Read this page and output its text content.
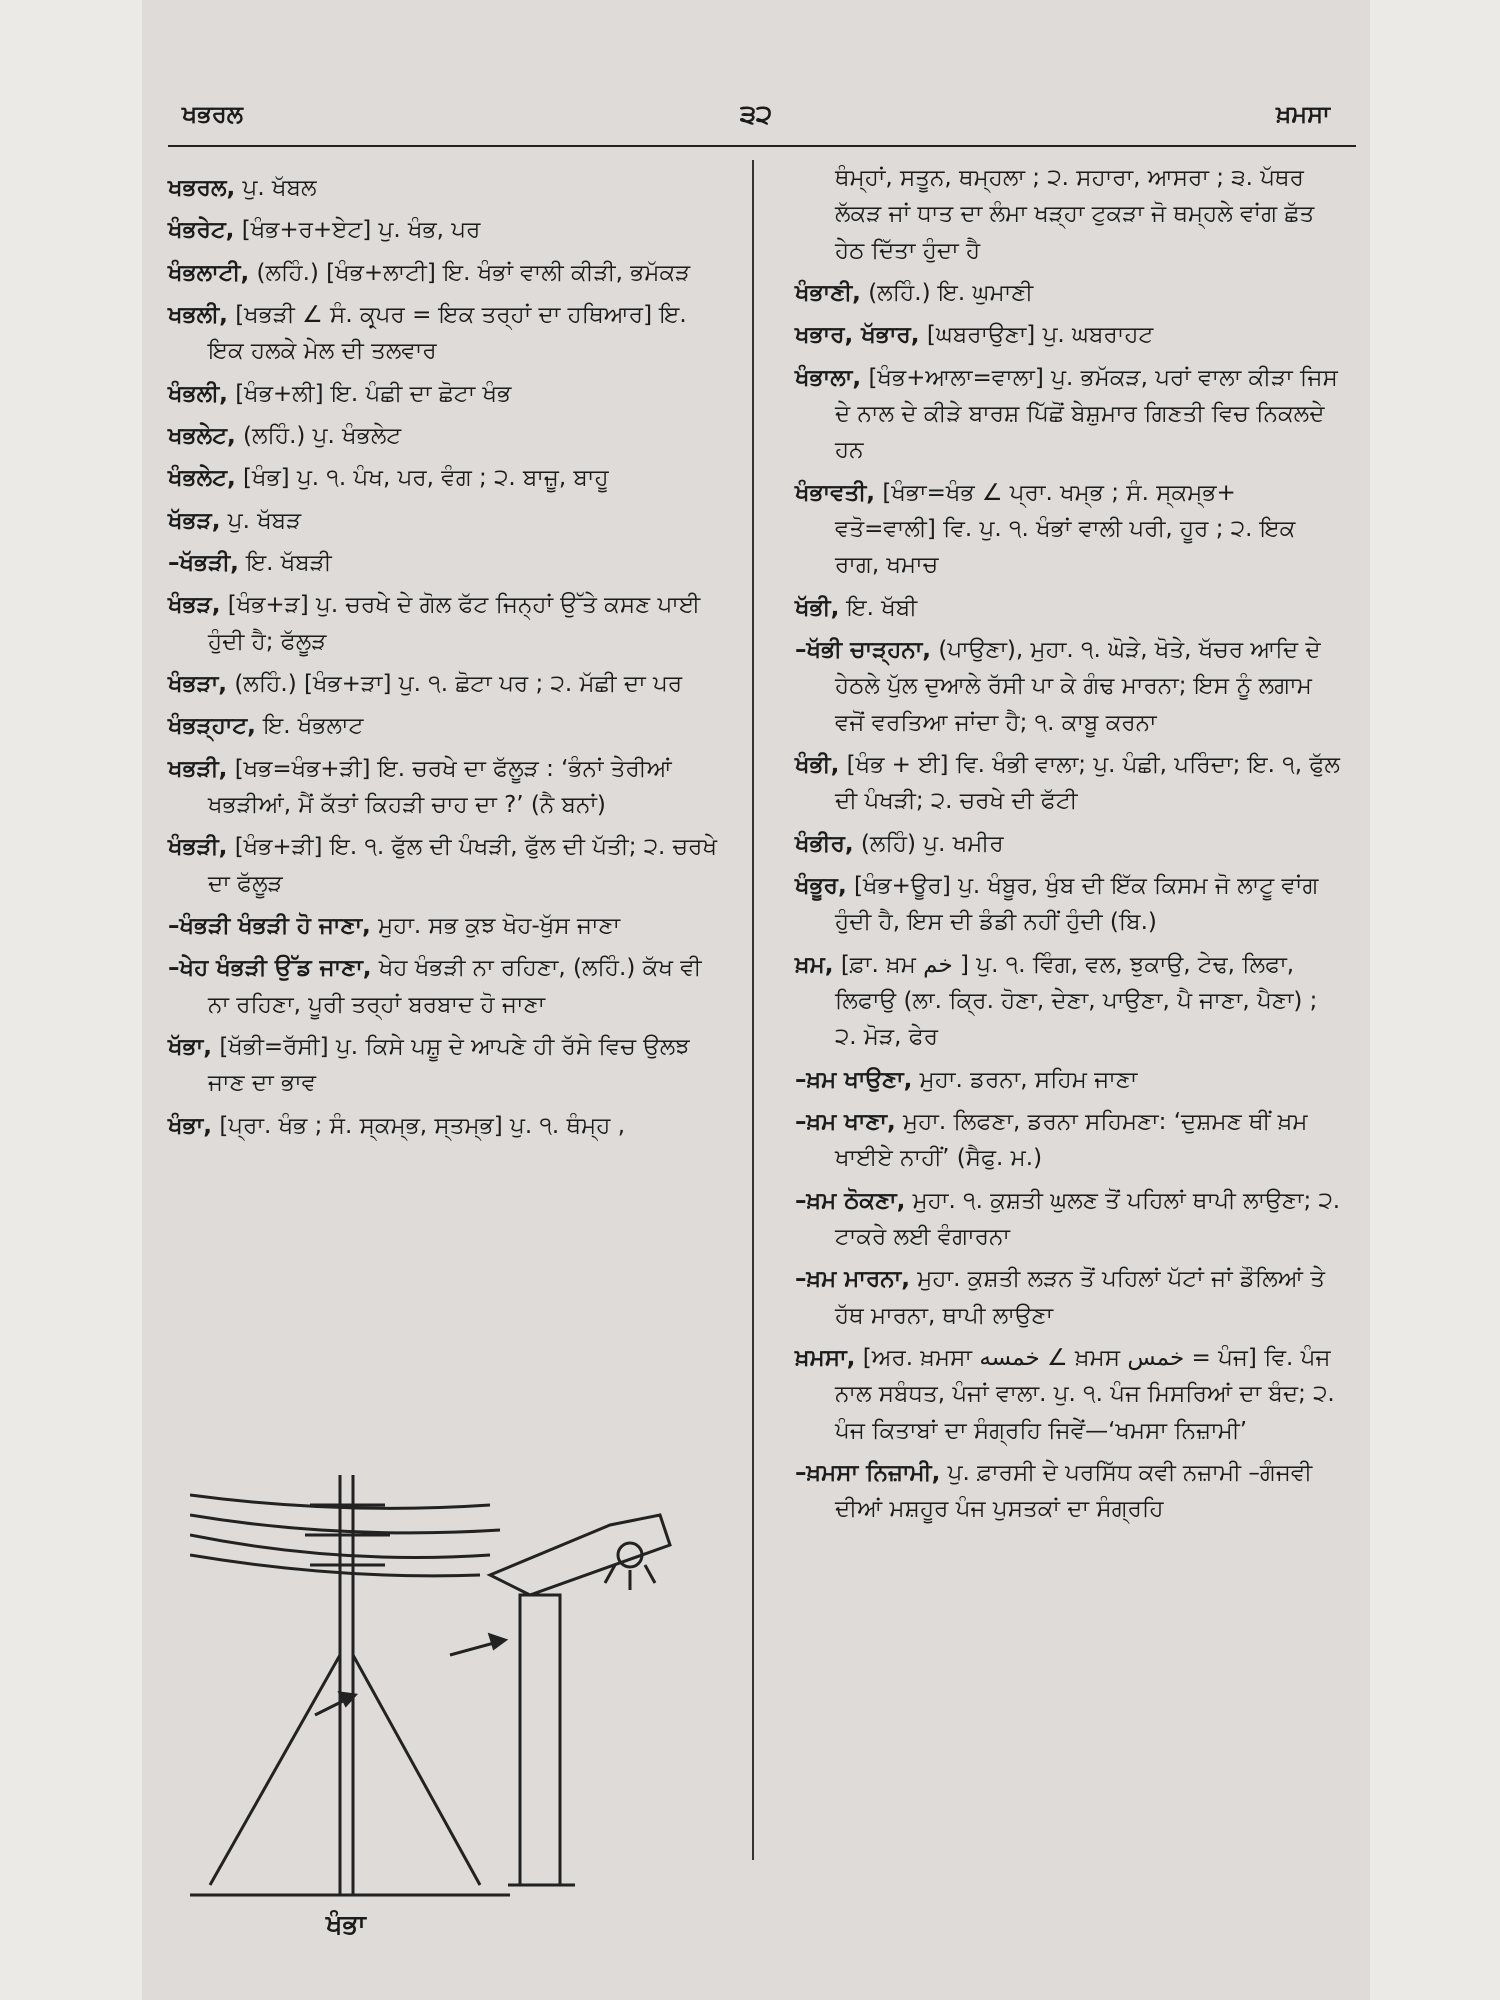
ਖਭਰਲ	੩੨	ਖ਼ਮਸਾ

ਖਭਰਲ, ਪੁ. ਖੱਬਲ

ਖੰਭਰੇਟ, [ਖੰਭ+ਰ+ਏਟ] ਪੁ. ਖੰਭ, ਪਰ

ਖੰਭਲਾਟੀ, (ਲਹਿੰ.) [ਖੰਭ+ਲਾਟੀ] ਇ. ਖੰਭਾਂ ਵਾਲੀ ਕੀੜੀ, ਭਮੱਕੜ

ਖਭਲੀ, [ਖਭੜੀ ∠ ਸੰ. ਕਰ੍ਪਰ = ਇਕ ਤਰ੍ਹਾਂ ਦਾ ਹਥਿਆਰ] ਇ. ਇਕ ਹਲਕੇ ਮੇਲ ਦੀ ਤਲਵਾਰ

ਖੰਭਲੀ, [ਖੰਭ+ਲੀ] ਇ. ਪੰਛੀ ਦਾ ਛੋਟਾ ਖੰਭ

ਖਭਲੇਟ, (ਲਹਿੰ.) ਪੁ. ਖੰਭਲੇਟ

ਖੰਭਲੇਟ, [ਖੰਭ] ਪੁ. ੧. ਪੰਖ, ਪਰ, ਵੰਗ ; ੨. ਬਾਜ਼ੂ, ਬਾਹੂ

ਖੱਭੜ, ਪੁ. ਖੱਬੜ

–ਖੱਭੜੀ, ਇ. ਖੱਬੜੀ

ਖੰਭੜ, [ਖੰਭ+ੜ] ਪੁ. ਚਰਖੇ ਦੇ ਗੋਲ ਫੱਟ ਜਿਨ੍ਹਾਂ ਉੱਤੇ ਕਸਣ ਪਾਈ ਹੁੰਦੀ ਹੈ; ਫੱਲੂੜ

ਖੰਭੜਾ, (ਲਹਿੰ.) [ਖੰਭ+ੜਾ] ਪੁ. ੧. ਛੋਟਾ ਪਰ ; ੨. ਮੱਛੀ ਦਾ ਪਰ

ਖੰਭੜ੍ਹਾਟ, ਇ. ਖੰਭਲਾਟ

ਖਭੜੀ, [ਖਭ=ਖੰਭ+ੜੀ] ਇ. ਚਰਖੇ ਦਾ ਫੱਲੂੜ : ‘ਭੰਨਾਂ ਤੇਰੀਆਂ ਖਭੜੀਆਂ, ਮੈਂ ਕੱਤਾਂ ਕਿਹੜੀ ਚਾਹ ਦਾ ?’ (ਨੈ ਬਨਾਂ)

ਖੰਭੜੀ, [ਖੰਭ+ੜੀ] ਇ. ੧. ਫੁੱਲ ਦੀ ਪੰਖੜੀ, ਫੁੱਲ ਦੀ ਪੱਤੀ; ੨. ਚਰਖੇ ਦਾ ਫੱਲੂੜ

–ਖੰਭੜੀ ਖੰਭੜੀ ਹੋ ਜਾਣਾ, ਮੁਹਾ. ਸਭ ਕੁਝ ਖੋਹ-ਖੁੱਸ ਜਾਣਾ

–ਖੇਹ ਖੰਭੜੀ ਉੱਡ ਜਾਣਾ, ਖੇਹ ਖੰਭੜੀ ਨਾ ਰਹਿਣਾ, (ਲਹਿੰ.) ਕੱਖ ਵੀ ਨਾ ਰਹਿਣਾ, ਪੂਰੀ ਤਰ੍ਹਾਂ ਬਰਬਾਦ ਹੋ ਜਾਣਾ

ਖੱਭਾ, [ਖੱਭੀ=ਰੱਸੀ] ਪੁ. ਕਿਸੇ ਪਸ਼ੂ ਦੇ ਆਪਣੇ ਹੀ ਰੱਸੇ ਵਿਚ ਉਲਝ ਜਾਣ ਦਾ ਭਾਵ

ਖੰਭਾ, [ਪ੍ਰਾ. ਖੰਭ ; ਸੰ. ਸ੍ਕਮ੍ਭ, ਸ੍ਤਮ੍ਭ] ਪੁ. ੧. ਥੰਮ੍ਹ ,

ਥੰਮ੍ਹਾਂ, ਸਤੂਨ, ਥਮ੍ਹਲਾ ; ੨. ਸਹਾਰਾ, ਆਸਰਾ ; ੩. ਪੱਥਰ ਲੱਕੜ ਜਾਂ ਧਾਤ ਦਾ ਲੰਮਾ ਖੜ੍ਹਾ ਟੁਕੜਾ ਜੋ ਥਮ੍ਹਲੇ ਵਾਂਗ ਛੱਤ ਹੇਠ ਦਿੱਤਾ ਹੁੰਦਾ ਹੈ

ਖੰਭਾਣੀ, (ਲਹਿੰ.) ਇ. ਘੁਮਾਣੀ

ਖਭਾਰ, ਖੱਭਾਰ, [ਘਬਰਾਉਣਾ] ਪੁ. ਘਬਰਾਹਟ

ਖੰਭਾਲਾ, [ਖੰਭ+ਆਲਾ=ਵਾਲਾ] ਪੁ. ਭਮੱਕੜ, ਪਰਾਂ ਵਾਲਾ ਕੀੜਾ ਜਿਸ ਦੇ ਨਾਲ ਦੇ ਕੀੜੇ ਬਾਰਸ਼ ਪਿੱਛੋਂ ਬੇਸ਼ੁਮਾਰ ਗਿਣਤੀ ਵਿਚ ਨਿਕਲਦੇ ਹਨ

ਖੰਭਾਵਤੀ, [ਖੰਭਾ=ਖੰਭ ∠ ਪ੍ਰਾ. ਖਮ੍ਭ ; ਸੰ. ਸ੍ਕਮ੍ਭ+ ਵਤੋ=ਵਾਲੀ] ਵਿ. ਪੁ. ੧. ਖੰਭਾਂ ਵਾਲੀ ਪਰੀ, ਹੂਰ ; ੨. ਇਕ ਰਾਗ, ਖਮਾਚ

ਖੱਭੀ, ਇ. ਖੱਬੀ

–ਖੱਭੀ ਚਾੜ੍ਹਨਾ, (ਪਾਉਣਾ), ਮੁਹਾ. ੧. ਘੋੜੇ, ਖੋਤੇ, ਖੱਚਰ ਆਦਿ ਦੇ ਹੇਠਲੇ ਪੁੱਲ ਦੁਆਲੇ ਰੱਸੀ ਪਾ ਕੇ ਗੰਢ ਮਾਰਨਾ; ਇਸ ਨੂੰ ਲਗਾਮ ਵਜੋਂ ਵਰਤਿਆ ਜਾਂਦਾ ਹੈ; ੧. ਕਾਬੂ ਕਰਨਾ

ਖੰਭੀ, [ਖੰਭ + ਈ] ਵਿ. ਖੰਭੀ ਵਾਲਾ; ਪੁ. ਪੰਛੀ, ਪਰਿੰਦਾ; ਇ. ੧, ਫੁੱਲ ਦੀ ਪੰਖੜੀ; ੨. ਚਰਖੇ ਦੀ ਫੱਟੀ

ਖੰਭੀਰ, (ਲਹਿੰ) ਪੁ. ਖਮੀਰ

ਖੰਭੂਰ, [ਖੰਭ+ਊਰ] ਪੁ. ਖੰਬੂਰ, ਖੁੰਬ ਦੀ ਇੱਕ ਕਿਸਮ ਜੋ ਲਾਟੂ ਵਾਂਗ ਹੁੰਦੀ ਹੈ, ਇਸ ਦੀ ਡੰਡੀ ਨਹੀਂ ਹੁੰਦੀ (ਬਿ.)

ਖ਼ਮ, [ਫ਼ਾ. ਖ਼ਮ ﺧﻢ ] ਪੁ. ੧. ਵਿੰਗ, ਵਲ, ਝੁਕਾਉ, ਟੇਢ, ਲਿਫਾ, ਲਿਫਾਉ (ਲਾ. ਕ੍ਰਿ. ਹੋਣਾ, ਦੇਣਾ, ਪਾਉਣਾ, ਪੈ ਜਾਣਾ, ਪੈਣਾ) ; ੨. ਮੋੜ, ਫੇਰ

–ਖ਼ਮ ਖਾਉਣਾ, ਮੁਹਾ. ਡਰਨਾ, ਸਹਿਮ ਜਾਣਾ

–ਖ਼ਮ ਖਾਣਾ, ਮੁਹਾ. ਲਿਫਣਾ, ਡਰਨਾ ਸਹਿਮਣਾ: ‘ਦੁਸ਼ਮਣ ਥੀਂ ਖ਼ਮ ਖਾਈਏ ਨਾਹੀਂ’ (ਸੈਫੁ. ਮ.)

–ਖ਼ਮ ਠੋਕਣਾ, ਮੁਹਾ. ੧. ਕੁਸ਼ਤੀ ਘੁਲਣ ਤੋਂ ਪਹਿਲਾਂ ਥਾਪੀ ਲਾਉਣਾ; ੨. ਟਾਕਰੇ ਲਈ ਵੰਗਾਰਨਾ

–ਖ਼ਮ ਮਾਰਨਾ, ਮੁਹਾ. ਕੁਸ਼ਤੀ ਲੜਨ ਤੋਂ ਪਹਿਲਾਂ ਪੱਟਾਂ ਜਾਂ ਡੌਲਿਆਂ ਤੇ ਹੱਥ ਮਾਰਨਾ, ਥਾਪੀ ਲਾਉਣਾ

ਖ਼ਮਸਾ, [ਅਰ. ਖ਼ਮਸਾ ﺧﻤﺴﻪ ∠ ਖ਼ਮਸ ﺧﻤﺲ = ਪੰਜ] ਵਿ. ਪੰਜ ਨਾਲ ਸਬੰਧਤ, ਪੰਜਾਂ ਵਾਲਾ. ਪੁ. ੧. ਪੰਜ ਮਿਸਰਿਆਂ ਦਾ ਬੰਦ; ੨. ਪੰਜ ਕਿਤਾਬਾਂ ਦਾ ਸੰਗ੍ਰਹਿ ਜਿਵੇਂ—‘ਖਮਸਾ ਨਿਜ਼ਾਮੀ’

–ਖ਼ਮਸਾ ਨਿਜ਼ਾਮੀ, ਪੁ. ਫ਼ਾਰਸੀ ਦੇ ਪਰਸਿੱਧ ਕਵੀ ਨਜ਼ਾਮੀ –ਗੰਜਵੀ ਦੀਆਂ ਮਸ਼ਹੂਰ ਪੰਜ ਪੁਸਤਕਾਂ ਦਾ ਸੰਗ੍ਰਹਿ

ਖੰਭਾ
